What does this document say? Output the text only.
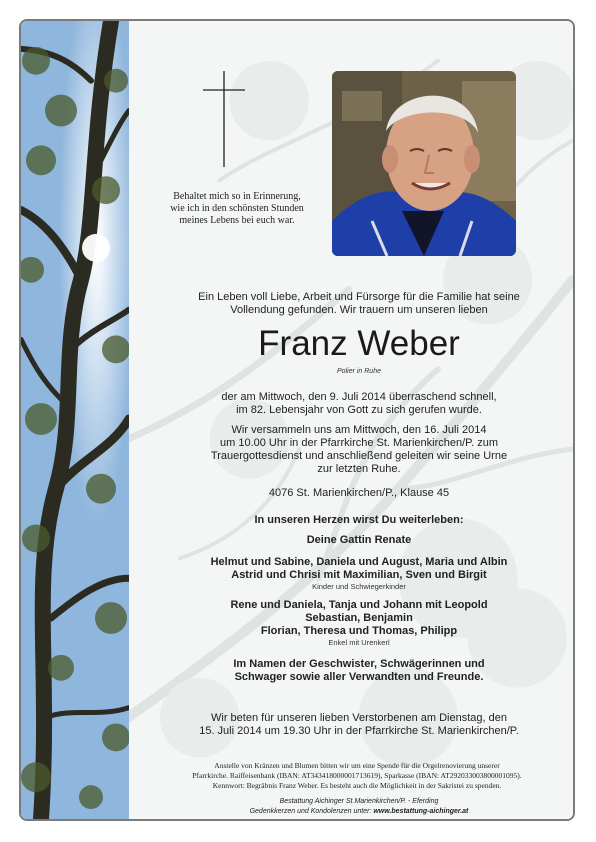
Behaltet mich so in Erinnerung,
wie ich in den schönsten Stunden
meines Lebens bei euch war.
Ein Leben voll Liebe, Arbeit und Fürsorge für die Familie hat seine
Vollendung gefunden. Wir trauern um unseren lieben
Franz Weber
Polier in Ruhe
der am Mittwoch, den 9. Juli 2014 überraschend schnell,
im 82. Lebensjahr von Gott zu sich gerufen wurde.
Wir versammeln uns am Mittwoch, den 16. Juli 2014
um 10.00 Uhr in der Pfarrkirche St. Marienkirchen/P. zum
Trauergottesdienst und anschließend geleiten wir seine Urne
zur letzten Ruhe.
4076 St. Marienkirchen/P., Klause 45
In unseren Herzen wirst Du weiterleben:
Deine Gattin Renate
Helmut und Sabine, Daniela und August, Maria und Albin
Astrid und Chrisi mit Maximilian, Sven und Birgit
Kinder und Schwiegerkinder
Rene und Daniela, Tanja und Johann mit Leopold
Sebastian, Benjamin
Florian, Theresa und Thomas, Philipp
Enkel mit Urenkerl
Im Namen der Geschwister, Schwägerinnen und
Schwager sowie aller Verwandten und Freunde.
Wir beten für unseren lieben Verstorbenen am Dienstag, den
15. Juli 2014 um 19.30 Uhr in der Pfarrkirche St. Marienkirchen/P.
Anstelle von Kränzen und Blumen bitten wir um eine Spende für die Orgelrenovierung unserer
Pfarrkirche. Raiffeisenbank (IBAN: AT343418000001713619), Sparkasse (IBAN: AT292033003800001095).
Kennwort: Begräbnis Franz Weber. Es besteht auch die Möglichkeit in der Sakristei zu spenden.
Bestattung Aichinger St.Marienkirchen/P. - Eferding
Gedenkkerzen und Kondolenzen unter: www.bestattung-aichinger.at
